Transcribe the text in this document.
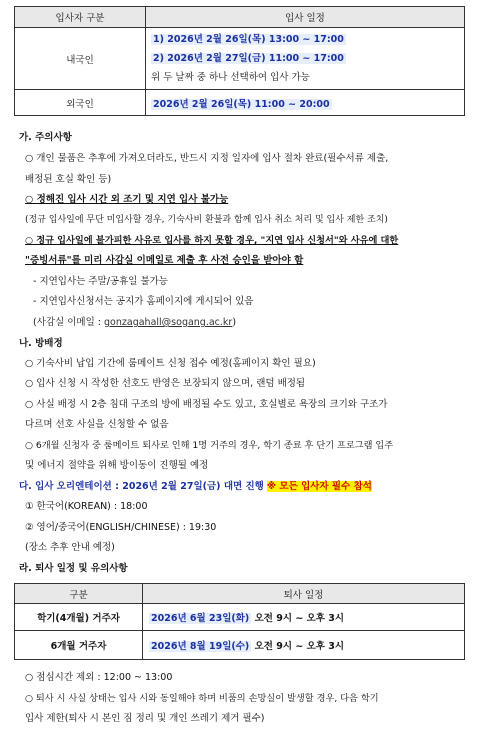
입사자 구분	입사 일정
내국인	1) 2026년 2월 26일(목) 13:00 ~ 17:00
2) 2026년 2월 27일(금) 11:00 ~ 17:00
위 두 날짜 중 하나 선택하여 입사 가능

외국인	2026년 2월 26일(목) 11:00 ~ 20:00
가. 주의사항
○ 개인 물품은 추후에 가져오더라도, 반드시 지정 일자에 입사 절차 완료(필수서류 제출,
배정된 호실 확인 등)
○ 정해진 입사 시간 외 조기 및 지연 입사 불가능
(정규 입사일에 무단 미입사할 경우, 기숙사비 환불과 함께 입사 취소 처리 및 입사 제한 조치)
○ 정규 입사일에 불가피한 사유로 입사를 하지 못할 경우, "지연 입사 신청서"와 사유에 대한
"증빙서류"를 미리 사감실 이메일로 제출 후 사전 승인을 받아야 함
- 지연입사는 주말/공휴일 불가능
- 지연입사신청서는 공지가 홈페이지에 게시되어 있음
(사감실 이메일 : gonzagahall@sogang.ac.kr)
나. 방배정
○ 기숙사비 납입 기간에 룸메이트 신청 접수 예정(홈페이지 확인 필요)
○ 입사 신청 시 작성한 선호도 반영은 보장되지 않으며, 랜덤 배정됨
○ 사실 배정 시 2층 침대 구조의 방에 배정될 수도 있고, 호실별로 욕장의 크기와 구조가
다르며 선호 사실을 신청할 수 없음
○ 6개월 신청자 중 룸메이트 퇴사로 인해 1명 거주의 경우, 학기 종료 후 단기 프로그램 입주
및 에너지 절약을 위해 방이동이 진행될 예정
다. 입사 오리엔테이션 : 2026년 2월 27일(금) 대면 진행 ※ 모든 입사자 필수 참석
① 한국어(KOREAN) : 18:00
② 영어/중국어(ENGLISH/CHINESE) : 19:30
(장소 추후 안내 예정)
라. 퇴사 일정 및 유의사항
구분	퇴사 일정
학기(4개월) 거주자	2026년 6월 23일(화) 오전 9시 ~ 오후 3시
6개월 거주자	2026년 8월 19일(수) 오전 9시 ~ 오후 3시
○ 점심시간 제외 : 12:00 ~ 13:00
○ 퇴사 시 사실 상태는 입사 시와 동일해야 하며 비품의 손망실이 발생할 경우, 다음 학기
입사 제한(퇴사 시 본인 짐 정리 및 개인 쓰레기 제거 필수)
